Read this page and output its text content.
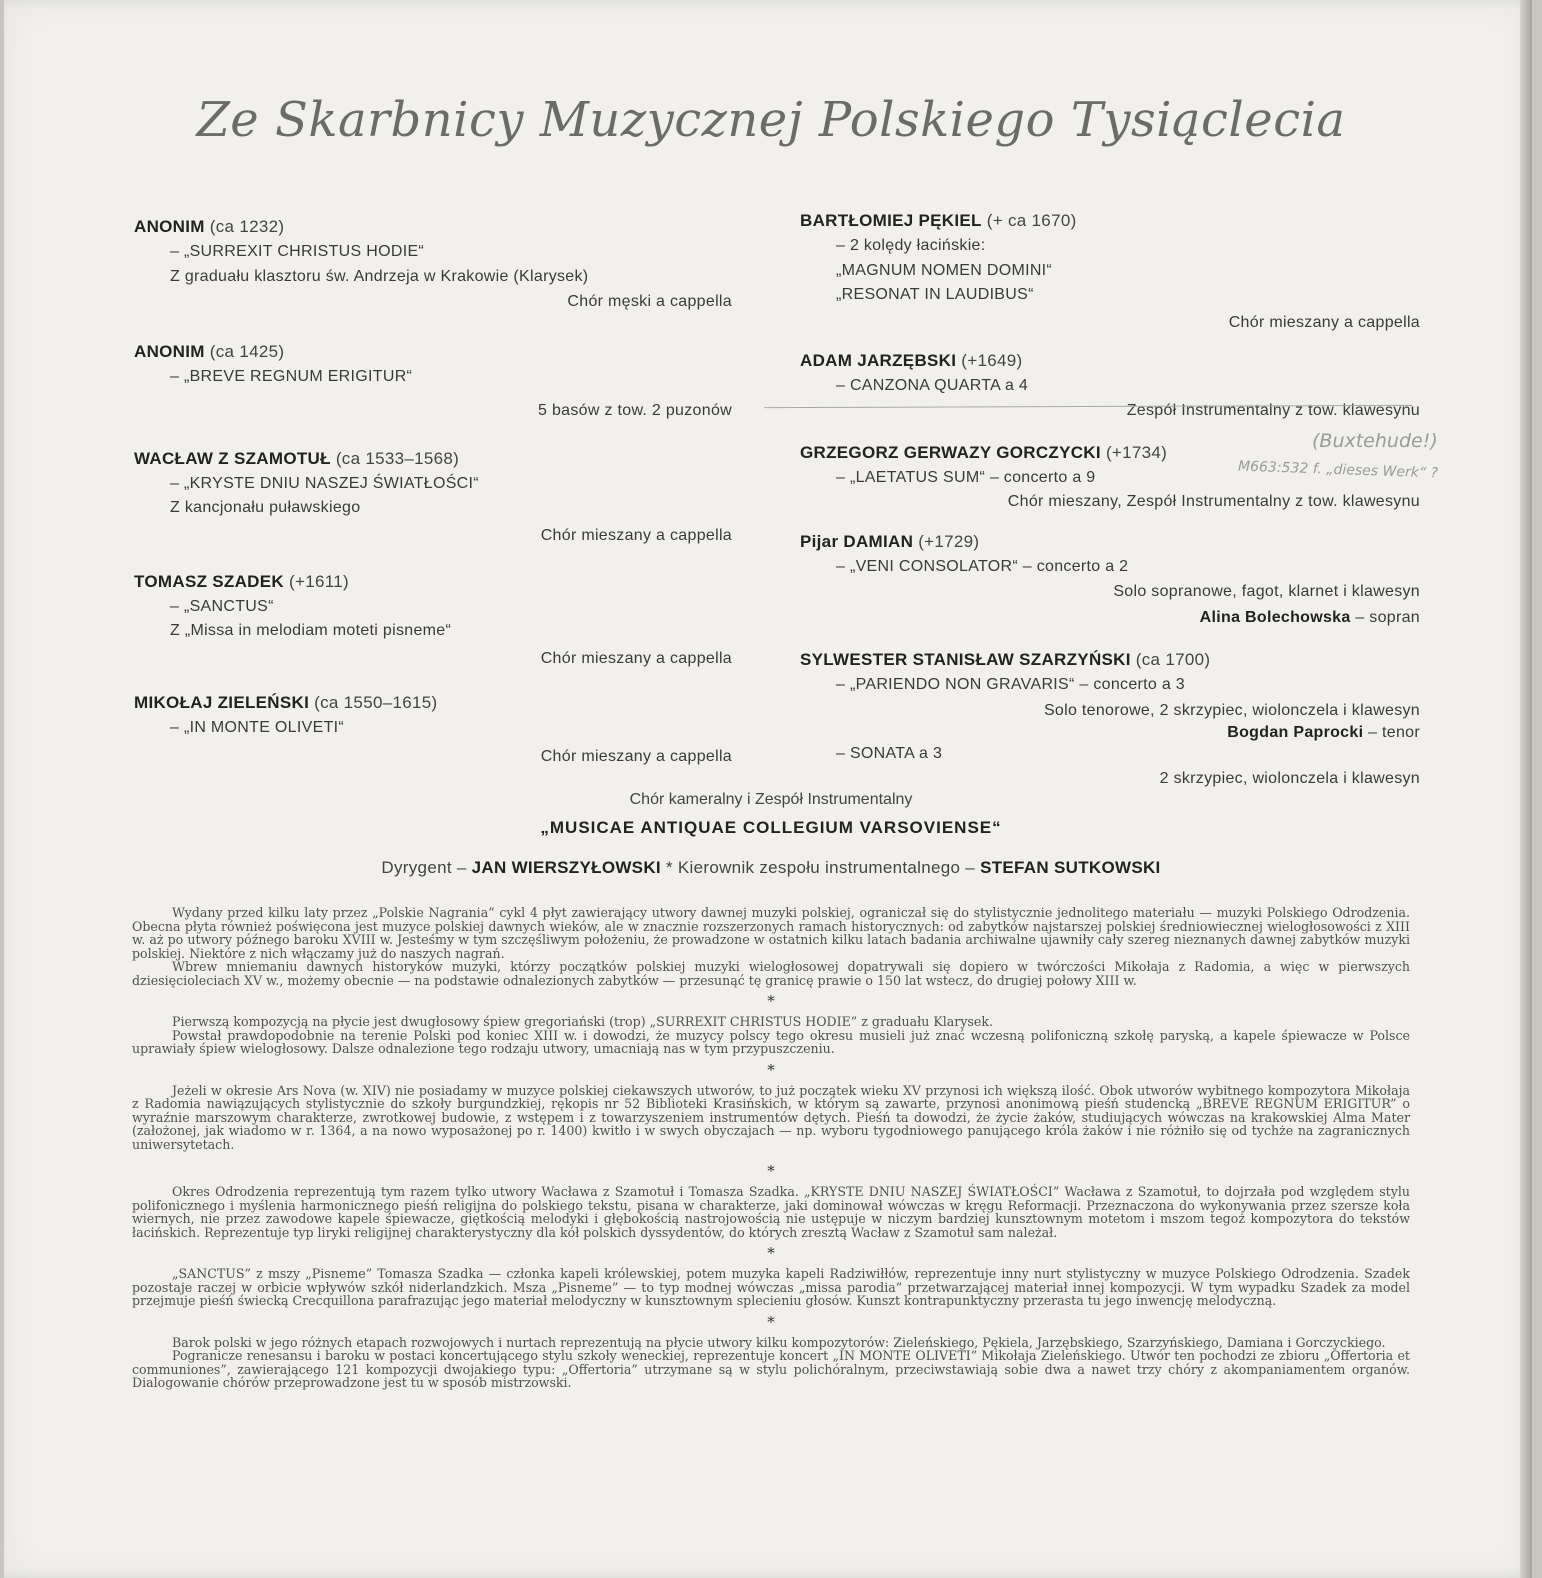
Ze Skarbnicy Muzycznej Polskiego Tysiąclecia
ANONIM (ca 1232)
– „SURREXIT CHRISTUS HODIE“
Z graduału klasztoru św. Andrzeja w Krakowie (Klarysek)
Chór męski a cappella
ANONIM (ca 1425)
– „BREVE REGNUM ERIGITUR“
5 basów z tow. 2 puzonów
WACŁAW Z SZAMOTUŁ (ca 1533–1568)
– „KRYSTE DNIU NASZEJ ŚWIATŁOŚCI“
Z kancjonału puławskiego
Chór mieszany a cappella
TOMASZ SZADEK (+1611)
– „SANCTUS“
Z „Missa in melodiam moteti pisneme“
Chór mieszany a cappella
MIKOŁAJ ZIELEŃSKI (ca 1550–1615)
– „IN MONTE OLIVETI“
Chór mieszany a cappella
BARTŁOMIEJ PĘKIEL (+ ca 1670)
– 2 kolędy łacińskie:
„MAGNUM NOMEN DOMINI“
„RESONAT IN LAUDIBUS“
Chór mieszany a cappella
ADAM JARZĘBSKI (+1649)
– CANZONA QUARTA a 4
Zespół Instrumentalny z tow. klawesynu
GRZEGORZ GERWAZY GORCZYCKI (+1734)
– „LAETATUS SUM“ – concerto a 9
Chór mieszany, Zespół Instrumentalny z tow. klawesynu
Pijar DAMIAN (+1729)
– „VENI CONSOLATOR“ – concerto a 2
Solo sopranowe, fagot, klarnet i klawesyn
Alina Bolechowska – sopran
SYLWESTER STANISŁAW SZARZYŃSKI (ca 1700)
– „PARIENDO NON GRAVARIS“ – concerto a 3
Solo tenorowe, 2 skrzypiec, wiolonczela i klawesyn
Bogdan Paprocki – tenor
– SONATA a 3
2 skrzypiec, wiolonczela i klawesyn
(Buxtehude!)
M663:532 f. „dieses Werk“ ?
Chór kameralny i Zespół Instrumentalny
„MUSICAE ANTIQUAE COLLEGIUM VARSOVIENSE“
Dyrygent – JAN WIERSZYŁOWSKI * Kierownik zespołu instrumentalnego – STEFAN SUTKOWSKI

Wydany przed kilku laty przez „Polskie Nagrania” cykl 4 płyt zawierający utwory dawnej muzyki polskiej, ograniczał się do stylistycznie jednolitego materiału — muzyki Polskiego Odrodzenia. Obecna płyta również poświęcona jest muzyce polskiej dawnych wieków, ale w znacznie rozszerzonych ramach historycznych: od zabytków najstarszej polskiej średniowiecznej wielogłosowości z XIII w. aż po utwory późnego baroku XVIII w. Jesteśmy w tym szczęśliwym położeniu, że prowadzone w ostatnich kilku latach badania archiwalne ujawniły cały szereg nieznanych dawnej zabytków muzyki polskiej. Niektóre z nich włączamy już do naszych nagrań.

Wbrew mniemaniu dawnych historyków muzyki, którzy początków polskiej muzyki wielogłosowej dopatrywali się dopiero w twórczości Mikołaja z Radomia, a więc w pierwszych dziesięcioleciach XV w., możemy obecnie — na podstawie odnalezionych zabytków — przesunąć tę granicę prawie o 150 lat wstecz, do drugiej połowy XIII w.

*

Pierwszą kompozycją na płycie jest dwugłosowy śpiew gregoriański (trop) „SURREXIT CHRISTUS HODIE” z graduału Klarysek.

Powstał prawdopodobnie na terenie Polski pod koniec XIII w. i dowodzi, że muzycy polscy tego okresu musieli już znać wczesną polifoniczną szkołę paryską, a kapele śpiewacze w Polsce uprawiały śpiew wielogłosowy. Dalsze odnalezione tego rodzaju utwory, umacniają nas w tym przypuszczeniu.

*

Jeżeli w okresie Ars Nova (w. XIV) nie posiadamy w muzyce polskiej ciekawszych utworów, to już początek wieku XV przynosi ich większą ilość. Obok utworów wybitnego kompozytora Mikołaja z Radomia nawiązujących stylistycznie do szkoły burgundzkiej, rękopis nr 52 Biblioteki Krasińskich, w którym są zawarte, przynosi anonimową pieśń studencką „BREVE REGNUM ERIGITUR” o wyraźnie marszowym charakterze, zwrotkowej budowie, z wstępem i z towarzyszeniem instrumentów dętych. Pieśń ta dowodzi, że życie żaków, studiujących wówczas na krakowskiej Alma Mater (założonej, jak wiadomo w r. 1364, a na nowo wyposażonej po r. 1400) kwitło i w swych obyczajach — np. wyboru tygodniowego panującego króla żaków i nie różniło się od tychże na zagranicznych uniwersytetach.

*

Okres Odrodzenia reprezentują tym razem tylko utwory Wacława z Szamotuł i Tomasza Szadka. „KRYSTE DNIU NASZEJ ŚWIATŁOŚCI” Wacława z Szamotuł, to dojrzała pod względem stylu polifonicznego i myślenia harmonicznego pieśń religijna do polskiego tekstu, pisana w charakterze, jaki dominował wówczas w kręgu Reformacji. Przeznaczona do wykonywania przez szersze koła wiernych, nie przez zawodowe kapele śpiewacze, giętkością melodyki i głębokością nastrojowością nie ustępuje w niczym bardziej kunsztownym motetom i mszom tegoż kompozytora do tekstów łacińskich. Reprezentuje typ liryki religijnej charakterystyczny dla kół polskich dyssydentów, do których zresztą Wacław z Szamotuł sam należał.

*

„SANCTUS” z mszy „Pisneme” Tomasza Szadka — członka kapeli królewskiej, potem muzyka kapeli Radziwiłłów, reprezentuje inny nurt stylistyczny w muzyce Polskiego Odrodzenia. Szadek pozostaje raczej w orbicie wpływów szkół niderlandzkich. Msza „Pisneme” — to typ modnej wówczas „missa parodia” przetwarzającej materiał innej kompozycji. W tym wypadku Szadek za model przejmuje pieśń świecką Crecquillona parafrazując jego materiał melodyczny w kunsztownym splecieniu głosów. Kunszt kontrapunktyczny przerasta tu jego inwencję melodyczną.

*

Barok polski w jego różnych etapach rozwojowych i nurtach reprezentują na płycie utwory kilku kompozytorów: Zieleńskiego, Pękiela, Jarzębskiego, Szarzyńskiego, Damiana i Gorczyckiego.

Pogranicze renesansu i baroku w postaci koncertującego stylu szkoły weneckiej, reprezentuje koncert „IN MONTE OLIVETI” Mikołaja Zieleńskiego. Utwór ten pochodzi ze zbioru „Offertoria et communiones”, zawierającego 121 kompozycji dwojakiego typu: „Offertoria” utrzymane są w stylu polichóralnym, przeciwstawiają sobie dwa a nawet trzy chóry z akompaniamentem organów. Dialogowanie chórów przeprowadzone jest tu w sposób mistrzowski.
